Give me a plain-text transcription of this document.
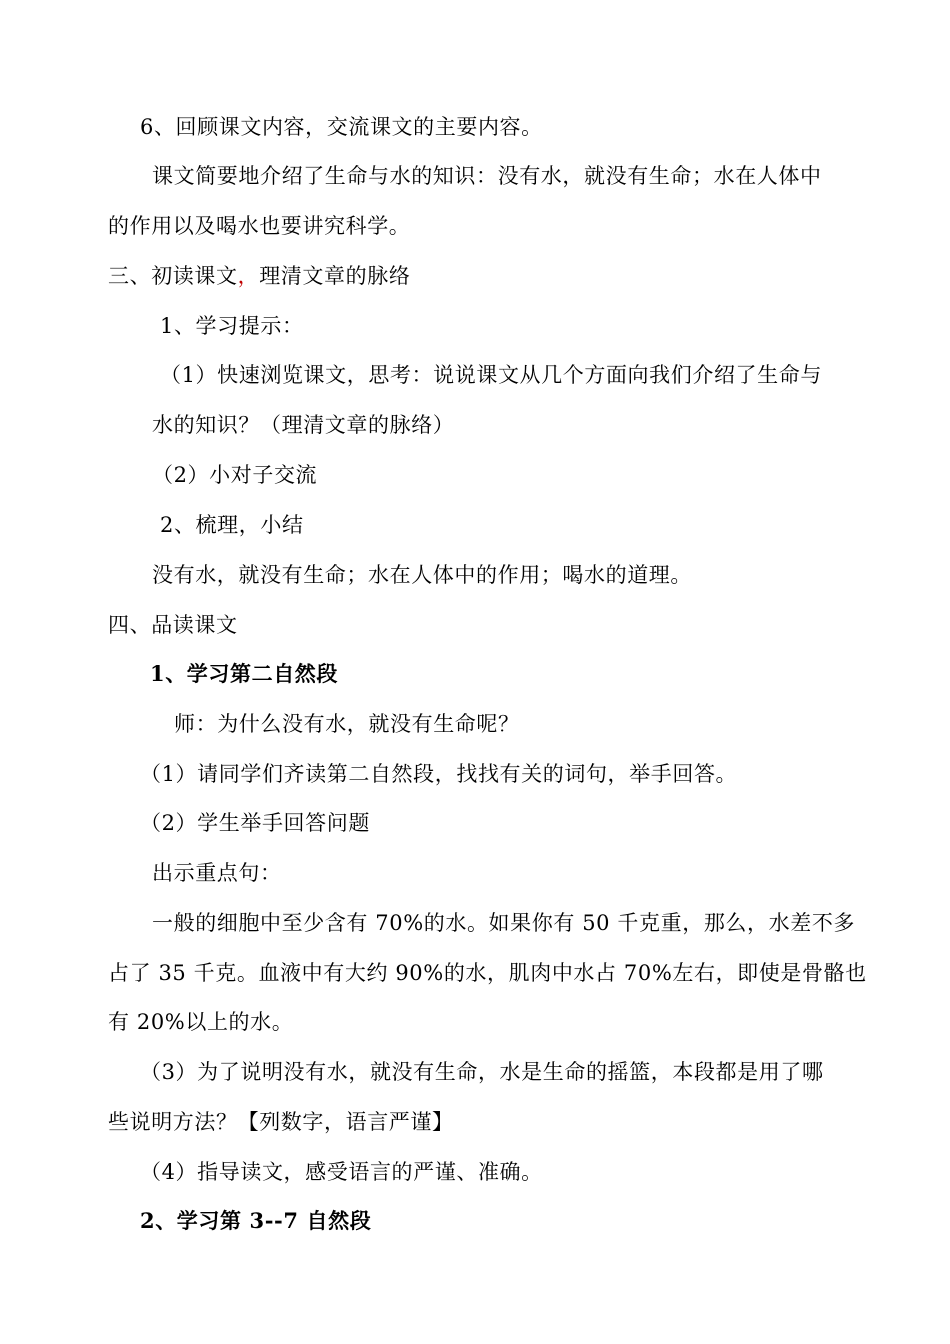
6、回顾课文内容，交流课文的主要内容。
课文简要地介绍了生命与水的知识：没有水，就没有生命；水在人体中
的作用以及喝水也要讲究科学。
三、初读课文，理清文章的脉络
1、学习提示：
（1）快速浏览课文，思考：说说课文从几个方面向我们介绍了生命与
水的知识？（理清文章的脉络）
（2）小对子交流
2、梳理，小结
没有水，就没有生命；水在人体中的作用；喝水的道理。
四、品读课文
1、学习第二自然段
师：为什么没有水，就没有生命呢？
（1）请同学们齐读第二自然段，找找有关的词句，举手回答。
（2）学生举手回答问题
出示重点句：
一般的细胞中至少含有 70%的水。如果你有 50 千克重，那么，水差不多
占了 35 千克。血液中有大约 90%的水，肌肉中水占 70%左右，即使是骨骼也
有 20%以上的水。
（3）为了说明没有水，就没有生命，水是生命的摇篮，本段都是用了哪
些说明方法？【列数字，语言严谨】
（4）指导读文，感受语言的严谨、准确。
2、学习第 3--7 自然段
